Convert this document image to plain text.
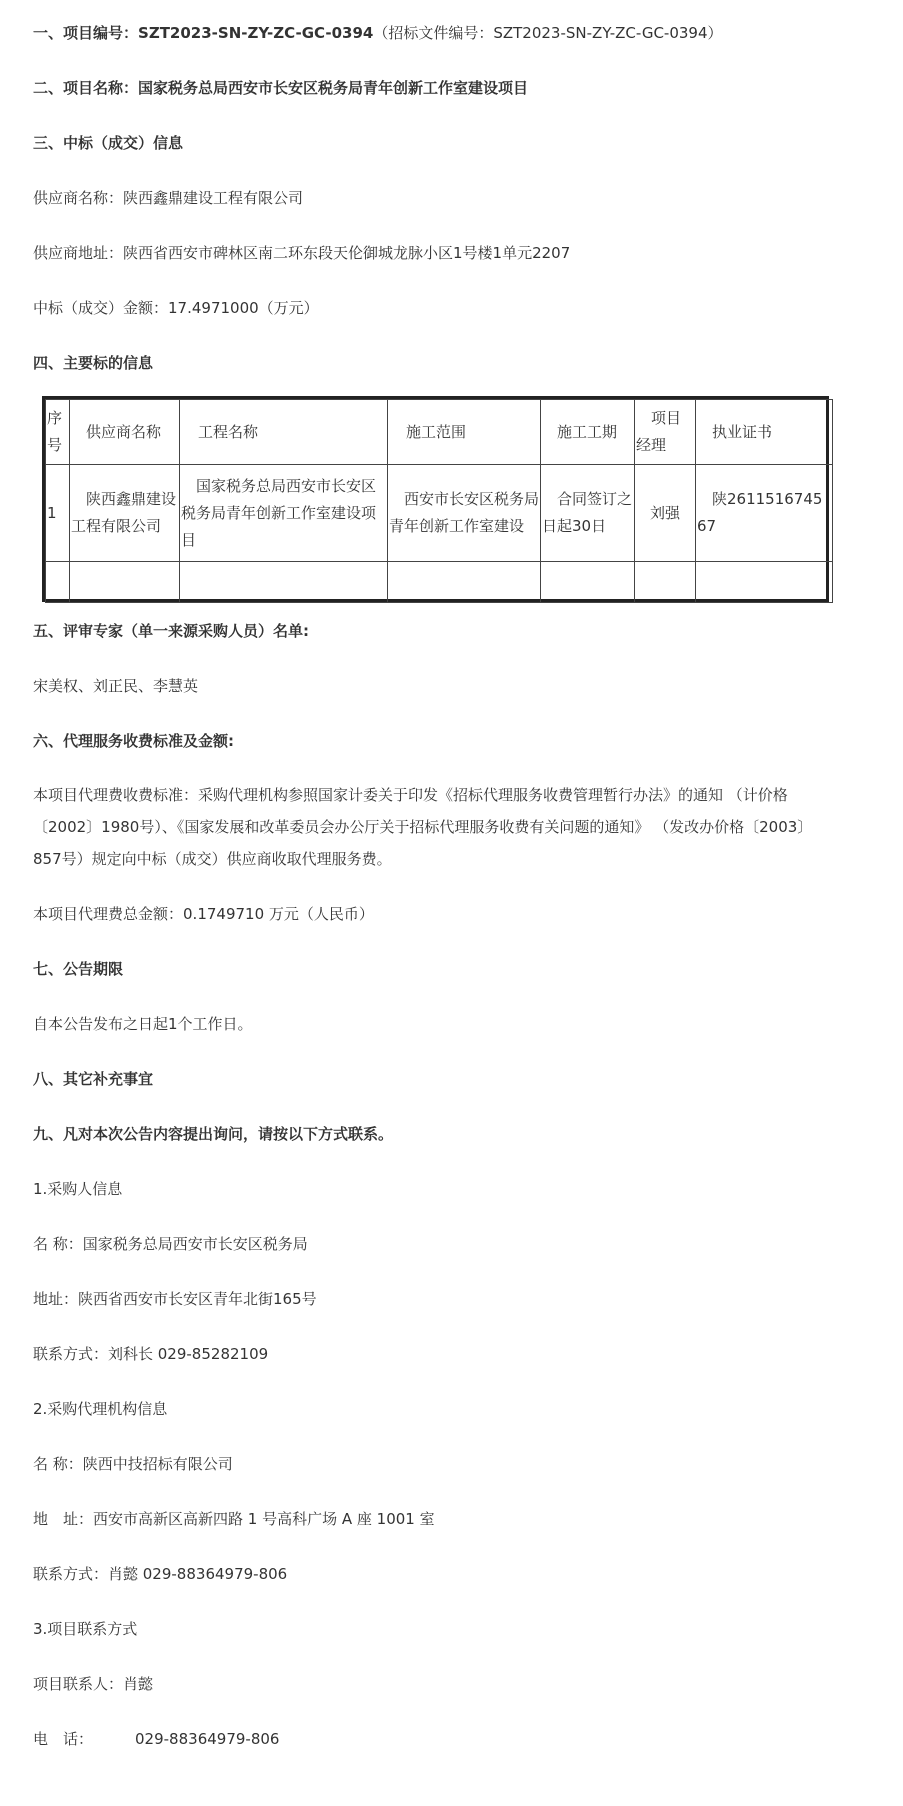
一、项目编号：SZT2023-SN-ZY-ZC-GC-0394（招标文件编号：SZT2023-SN-ZY-ZC-GC-0394）
二、项目名称：国家税务总局西安市长安区税务局青年创新工作室建设项目
三、中标（成交）信息
供应商名称：陕西鑫鼎建设工程有限公司
供应商地址：陕西省西安市碑林区南二环东段天伦御城龙脉小区1号楼1单元2207
中标（成交）金额：17.4971000（万元）
四、主要标的信息
序号	供应商名称	工程名称	施工范围	施工工期	项目经理	执业证书
1	陕西鑫鼎建设工程有限公司	国家税务总局西安市长安区税务局青年创新工作室建设项目	西安市长安区税务局青年创新工作室建设	合同签订之日起30日	刘强	陕261151674567

五、评审专家（单一来源采购人员）名单:
宋美权、刘正民、李慧英
六、代理服务收费标准及金额:
本项目代理费收费标准：采购代理机构参照国家计委关于印发《招标代理服务收费管理暂行办法》的通知 （计价格〔2002〕1980号）、《国家发展和改革委员会办公厅关于招标代理服务收费有关问题的通知》 （发改办价格〔2003〕857号）规定向中标（成交）供应商收取代理服务费。
本项目代理费总金额：0.1749710 万元（人民币）
七、公告期限
自本公告发布之日起1个工作日。
八、其它补充事宜
九、凡对本次公告内容提出询问，请按以下方式联系。
1.采购人信息
名 称：国家税务总局西安市长安区税务局
地址：陕西省西安市长安区青年北街165号
联系方式：刘科长 029-85282109
2.采购代理机构信息
名 称：陕西中技招标有限公司
地　址：西安市高新区高新四路 1 号高科广场 A 座 1001 室
联系方式：肖懿 029-88364979-806
3.项目联系方式
项目联系人：肖懿
电　话：	029-88364979-806
